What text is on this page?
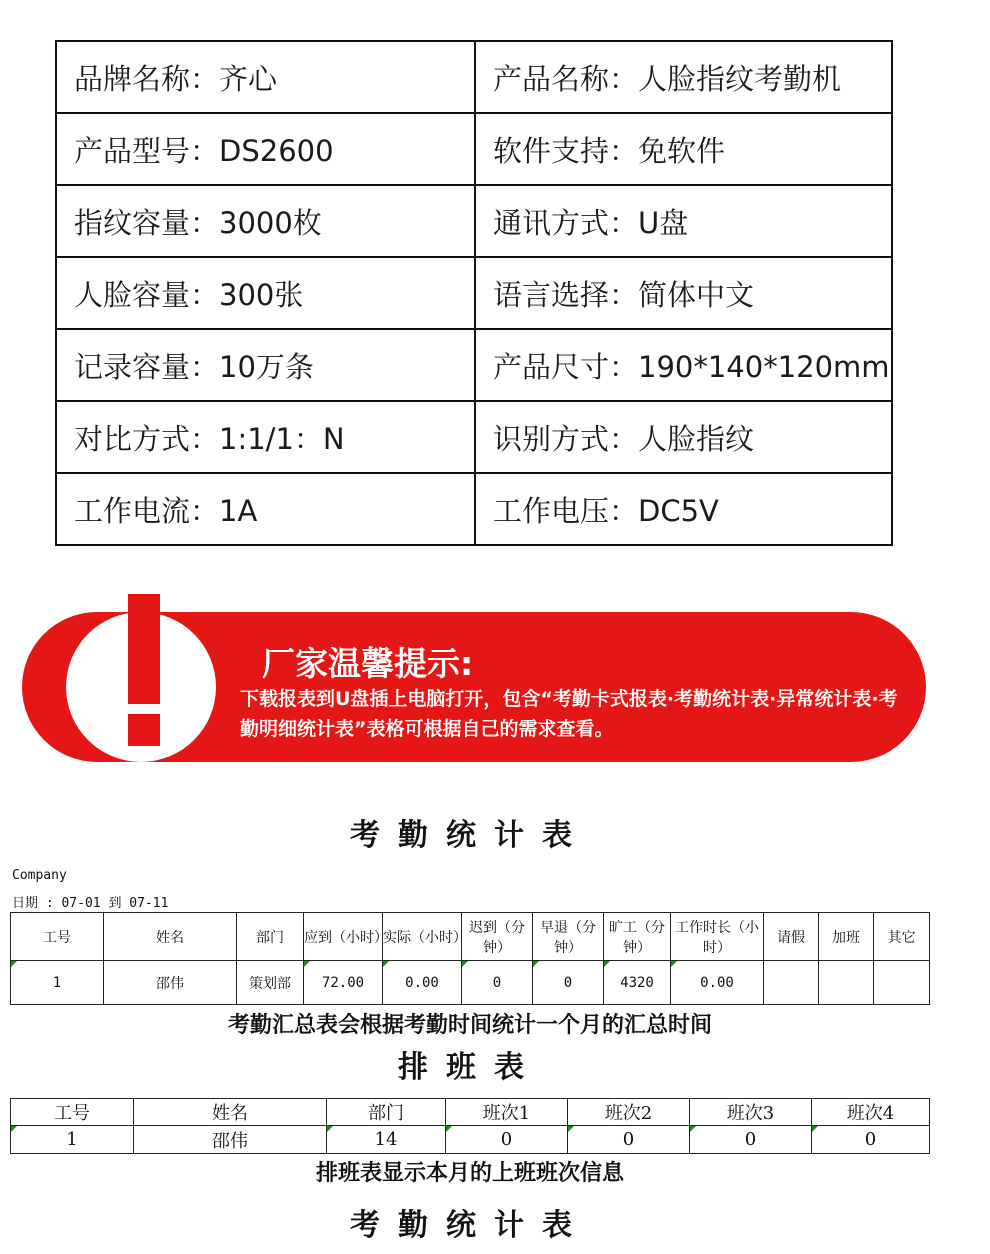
品牌名称：齐心	产品名称：人脸指纹考勤机
产品型号：DS2600	软件支持：免软件
指纹容量：3000枚	通讯方式：U盘
人脸容量：300张	语言选择：简体中文
记录容量：10万条	产品尺寸：190*140*120mm
对比方式：1:1/1：N	识别方式：人脸指纹
工作电流：1A	工作电压：DC5V
厂家温馨提示:
下载报表到U盘插上电脑打开，包含“考勤卡式报表·考勤统计表·异常统计表·考勤明细统计表”表格可根据自己的需求查看。
考勤统计表
Company
日期 : 07-01 到 07-11
工号	姓名	部门	应到（小时）	实际（小时）	迟到（分钟）	早退（分钟）	旷工（分钟）	工作时长（小时）	请假	加班	其它
1	邵伟	策划部	72.00	0.00	0	0	4320	0.00			
考勤汇总表会根据考勤时间统计一个月的汇总时间
排班表
工号	姓名	部门	班次1	班次2	班次3	班次4
1	邵伟	14	0	0	0	0
排班表显示本月的上班班次信息
考勤统计表
